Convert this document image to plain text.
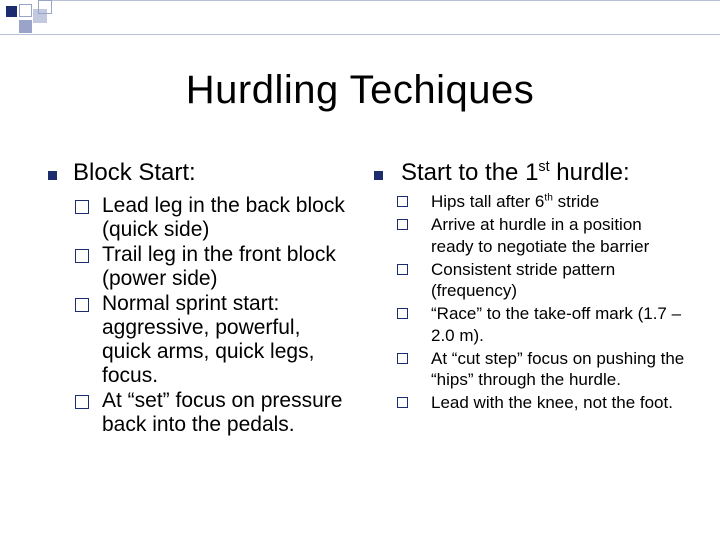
Hurdling Techiques
Block Start:
Lead leg in the back block (quick side)
Trail leg in the front block (power side)
Normal sprint start: aggressive, powerful, quick arms, quick legs, focus.
At “set” focus on pressure back into the pedals.
Start to the 1st hurdle:
Hips tall after 6th stride
Arrive at hurdle in a position ready to negotiate the barrier
Consistent stride pattern (frequency)
“Race” to the take-off mark (1.7 – 2.0 m).
At “cut step” focus on pushing the “hips” through the hurdle.
Lead with the knee, not the foot.
